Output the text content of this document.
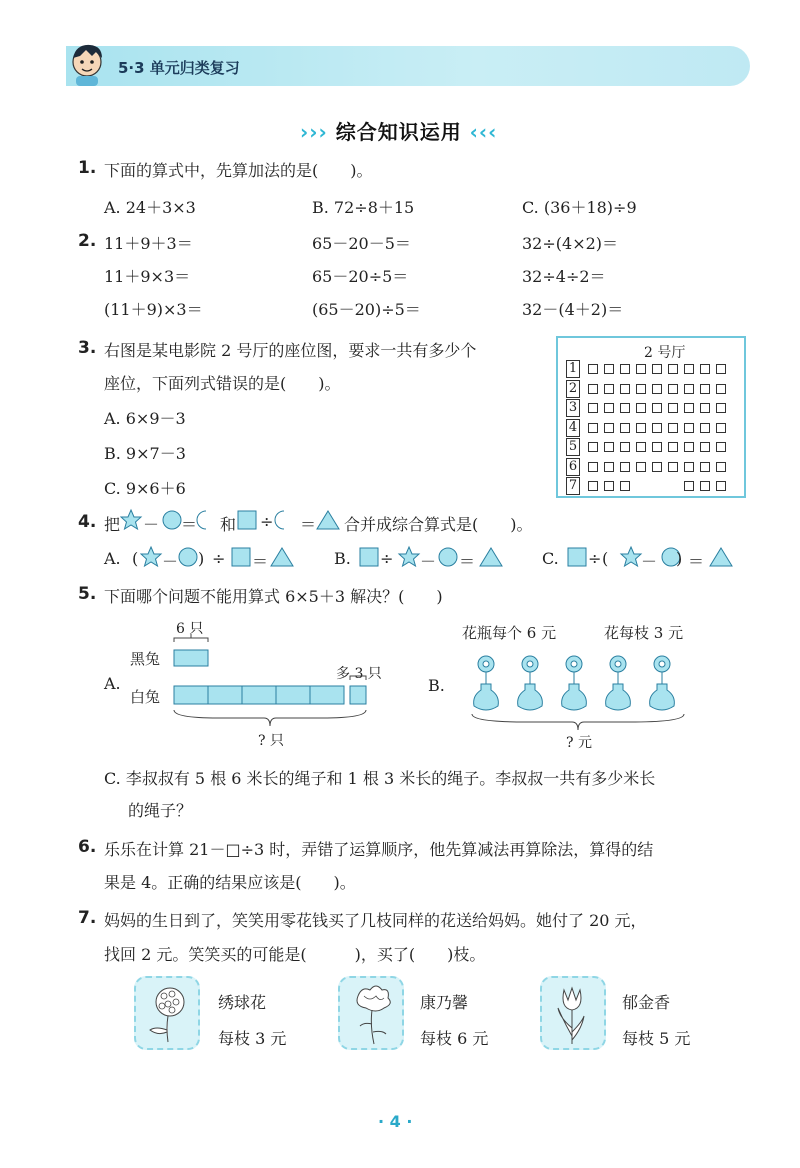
5·3 单元归类复习
››› 综合知识运用 ‹‹‹
1. 下面的算式中，先算加法的是(　　)。
A. 24＋3×3	B. 72÷8＋15	C. (36＋18)÷9
2. 11＋9＋3＝	65－20－5＝	32÷(4×2)＝
11＋9×3＝	65－20÷5＝	32÷4÷2＝
(11＋9)×3＝	(65－20)÷5＝	32－(4＋2)＝
3. 右图是某电影院 2 号厅的座位图，要求一共有多少个
座位，下面列式错误的是(　　)。
A. 6×9－3
B. 9×7－3
C. 9×6＋6
2 号厅
1
2
3
4
5
6
7
4. 把 － ＝ 和 ÷ ＝ 合并成综合算式是(　　)。
A. ( － ) ÷ ＝	B. ÷ － ＝	C. ÷ ( － ) ＝
5. 下面哪个问题不能用算式 6×5＋3 解决？(　　)
A.
6 只
黑兔
白兔
多 3 只
? 只
B.
花瓶每个 6 元	花每枝 3 元
? 元
C. 李叔叔有 5 根 6 米长的绳子和 1 根 3 米长的绳子。李叔叔一共有多少米长
的绳子？
6. 乐乐在计算 21－□÷3 时，弄错了运算顺序，他先算减法再算除法，算得的结
果是 4。正确的结果应该是(　　)。
7. 妈妈的生日到了，笑笑用零花钱买了几枝同样的花送给妈妈。她付了 20 元，
找回 2 元。笑笑买的可能是(　　　)，买了(　　)枝。
绣球花
每枝 3 元
康乃馨
每枝 6 元
郁金香
每枝 5 元
· 4 ·
